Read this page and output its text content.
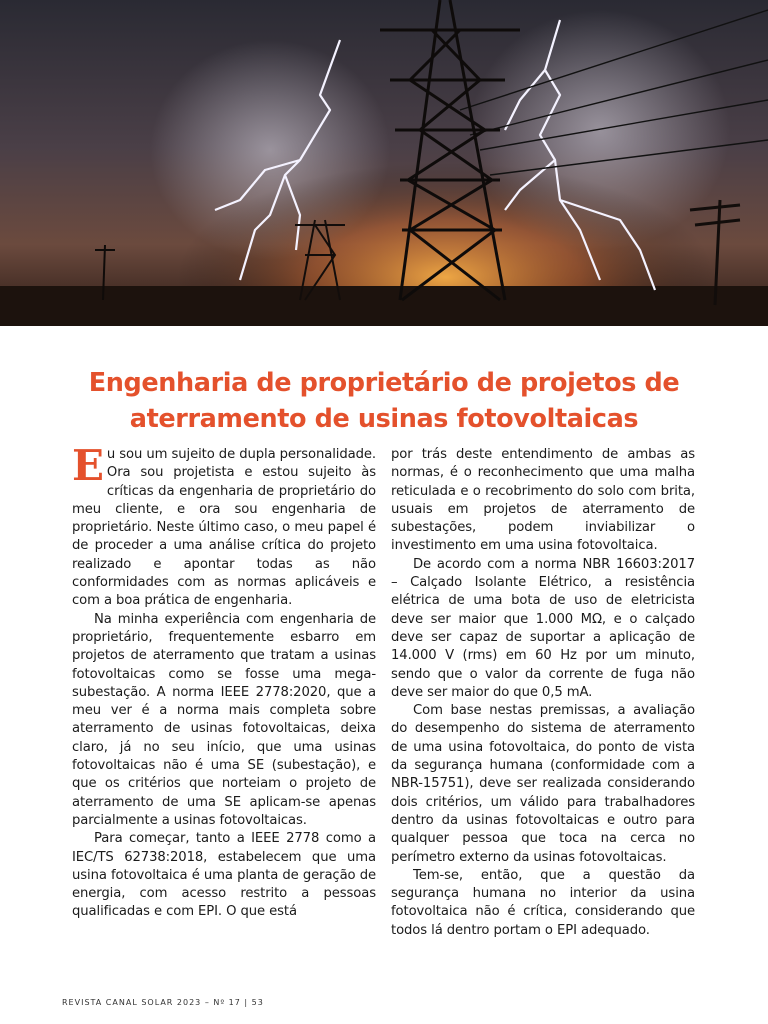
Engenharia de proprietário de projetos de
aterramento de usinas fotovoltaicas

Eu sou um sujeito de dupla personalidade. Ora sou projetista e estou sujeito às críticas da engenharia de proprietário do meu cliente, e ora sou engenharia de proprietário. Neste último caso, o meu papel é de proceder a uma análise crítica do projeto realizado e apontar todas as não conformidades com as normas aplicáveis e com a boa prática de engenharia.

Na minha experiência com engenharia de proprietário, frequentemente esbarro em projetos de aterramento que tratam a usinas fotovoltaicas como se fosse uma mega-subestação. A norma IEEE 2778:2020, que a meu ver é a norma mais completa sobre aterramento de usinas fotovoltaicas, deixa claro, já no seu início, que uma usinas fotovoltaicas não é uma SE (subestação), e que os critérios que norteiam o projeto de aterramento de uma SE aplicam-se apenas parcialmente a usinas fotovoltaicas.

Para começar, tanto a IEEE 2778 como a IEC/TS 62738:2018, estabelecem que uma usina fotovoltaica é uma planta de geração de energia, com acesso restrito a pessoas qualificadas e com EPI. O que está

por trás deste entendimento de ambas as normas, é o reconhecimento que uma malha reticulada e o recobrimento do solo com brita, usuais em projetos de aterramento de subestações, podem inviabilizar o investimento em uma usina fotovoltaica.

De acordo com a norma NBR 16603:2017 – Calçado Isolante Elétrico, a resistência elétrica de uma bota de uso de eletricista deve ser maior que 1.000 MΩ, e o calçado deve ser capaz de suportar a aplicação de 14.000 V (rms) em 60 Hz por um minuto, sendo que o valor da corrente de fuga não deve ser maior do que 0,5 mA.

Com base nestas premissas, a avaliação do desempenho do sistema de aterramento de uma usina fotovoltaica, do ponto de vista da segurança humana (conformidade com a NBR-15751), deve ser realizada considerando dois critérios, um válido para trabalhadores dentro da usinas fotovoltaicas e outro para qualquer pessoa que toca na cerca no perímetro externo da usinas fotovoltaicas.

Tem-se, então, que a questão da segurança humana no interior da usina fotovoltaica não é crítica, considerando que todos lá dentro portam o EPI adequado.

REVISTA CANAL SOLAR 2023 – Nº 17 | 53
